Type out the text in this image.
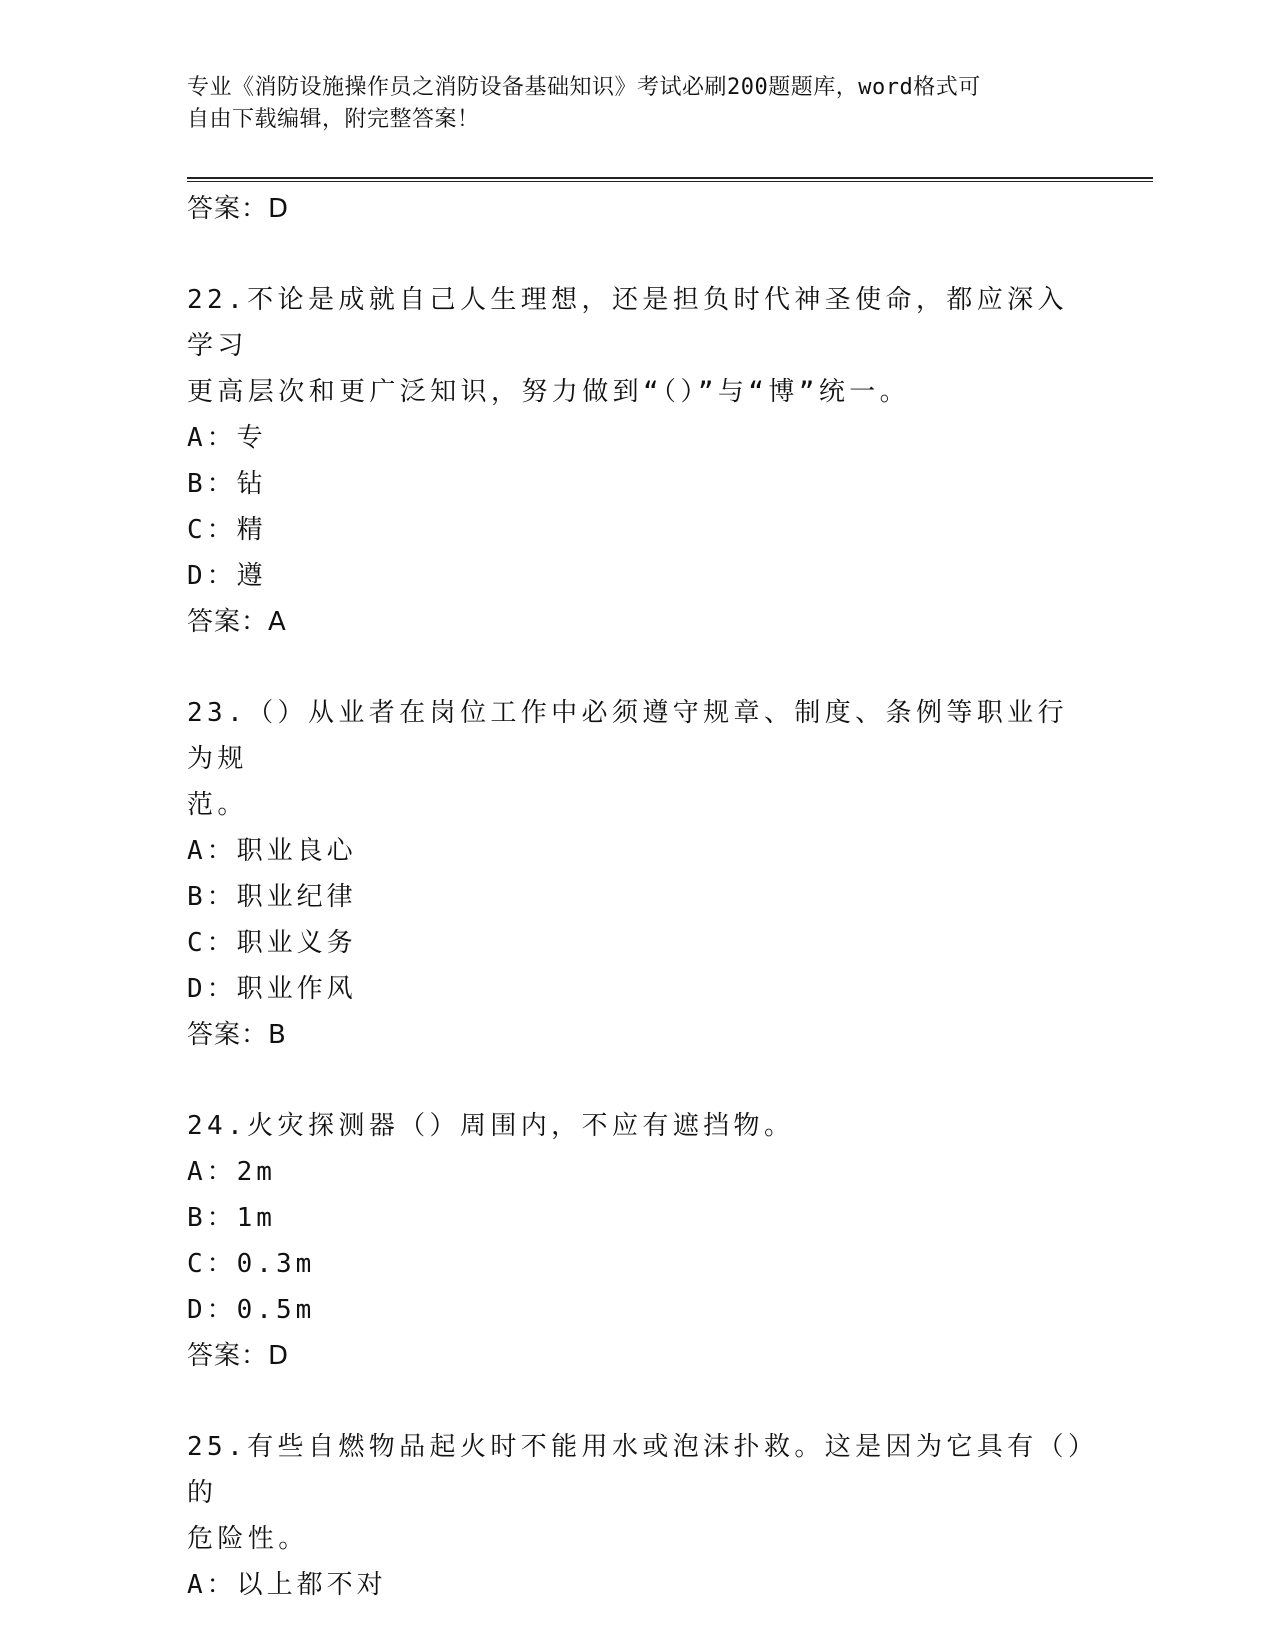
专业《消防设施操作员之消防设备基础知识》考试必刷200题题库，word格式可
自由下载编辑，附完整答案！
答案：D
22.不论是成就自己人生理想，还是担负时代神圣使命，都应深入学习
更高层次和更广泛知识，努力做到“（）”与“博”统一。
A：专
B：钻
C：精
D：遵
答案：A
23.（）从业者在岗位工作中必须遵守规章、制度、条例等职业行为规
范。
A：职业良心
B：职业纪律
C：职业义务
D：职业作风
答案：B
24.火灾探测器（）周围内，不应有遮挡物。
A：2m
B：1m
C：0.3m
D：0.5m
答案：D
25.有些自燃物品起火时不能用水或泡沫扑救。这是因为它具有（）的
危险性。
A：以上都不对
